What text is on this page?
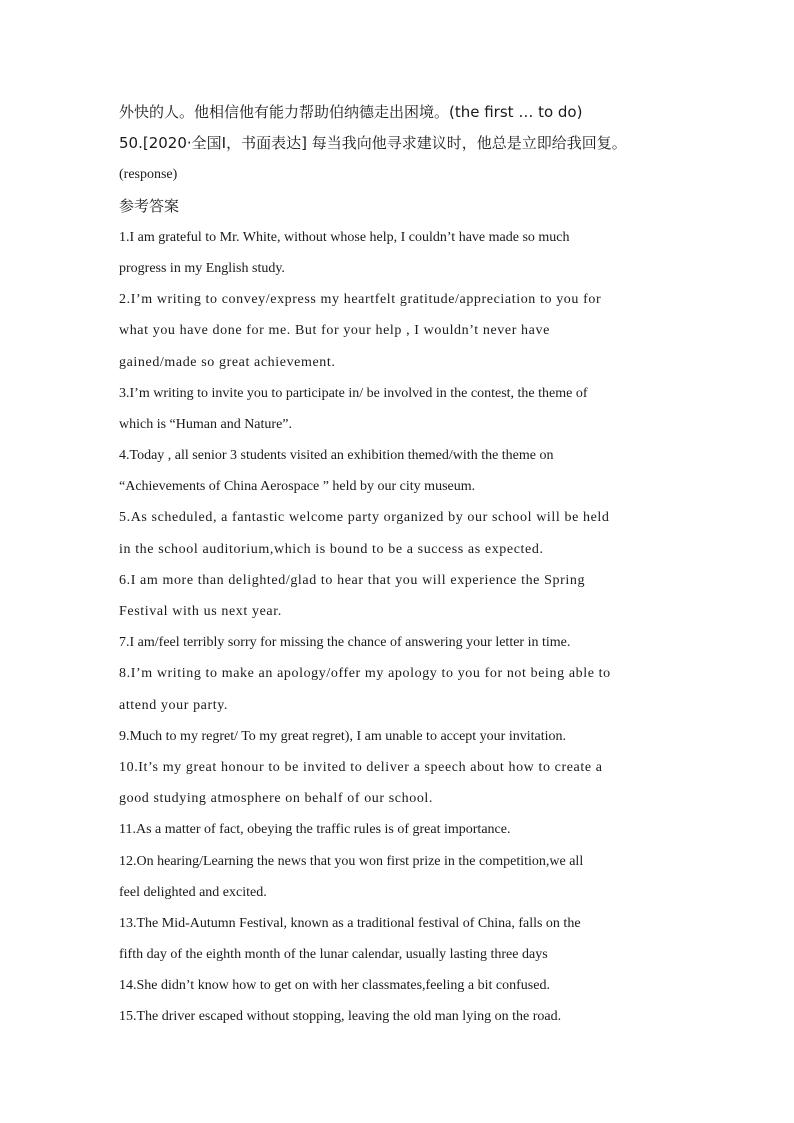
外快的人。他相信他有能力帮助伯纳德走出困境。(the first … to do)
50.[2020·全国Ⅰ，书面表达] 每当我向他寻求建议时，他总是立即给我回复。
(response)
参考答案
1.I am grateful to Mr. White, without whose help, I couldn’t have made so much
progress in my English study.
2.I’m writing to convey/express my heartfelt gratitude/appreciation to you for
what you have done for me. But for your help , I wouldn’t never have
gained/made so great achievement.
3.I’m writing to invite you to participate in/ be involved in the contest, the theme of
which is “Human and Nature”.
4.Today , all senior 3 students visited an exhibition themed/with the theme on
“Achievements of China Aerospace ” held by our city museum.
5.As scheduled, a fantastic welcome party organized by our school will be held
in the school auditorium,which is bound to be a success as expected.
6.I am more than delighted/glad to hear that you will experience the Spring
Festival with us next year.
7.I am/feel terribly sorry for missing the chance of answering your letter in time.
8.I’m writing to make an apology/offer my apology to you for not being able to
attend your party.
9.Much to my regret/ To my great regret), I am unable to accept your invitation.
10.It’s my great honour to be invited to deliver a speech about how to create a
good studying atmosphere on behalf of our school.
11.As a matter of fact, obeying the traffic rules is of great importance.
12.On hearing/Learning the news that you won first prize in the competition,we all
feel delighted and excited.
13.The Mid-Autumn Festival, known as a traditional festival of China, falls on the
fifth day of the eighth month of the lunar calendar, usually lasting three days
14.She didn’t know how to get on with her classmates,feeling a bit confused.
15.The driver escaped without stopping, leaving the old man lying on the road.
